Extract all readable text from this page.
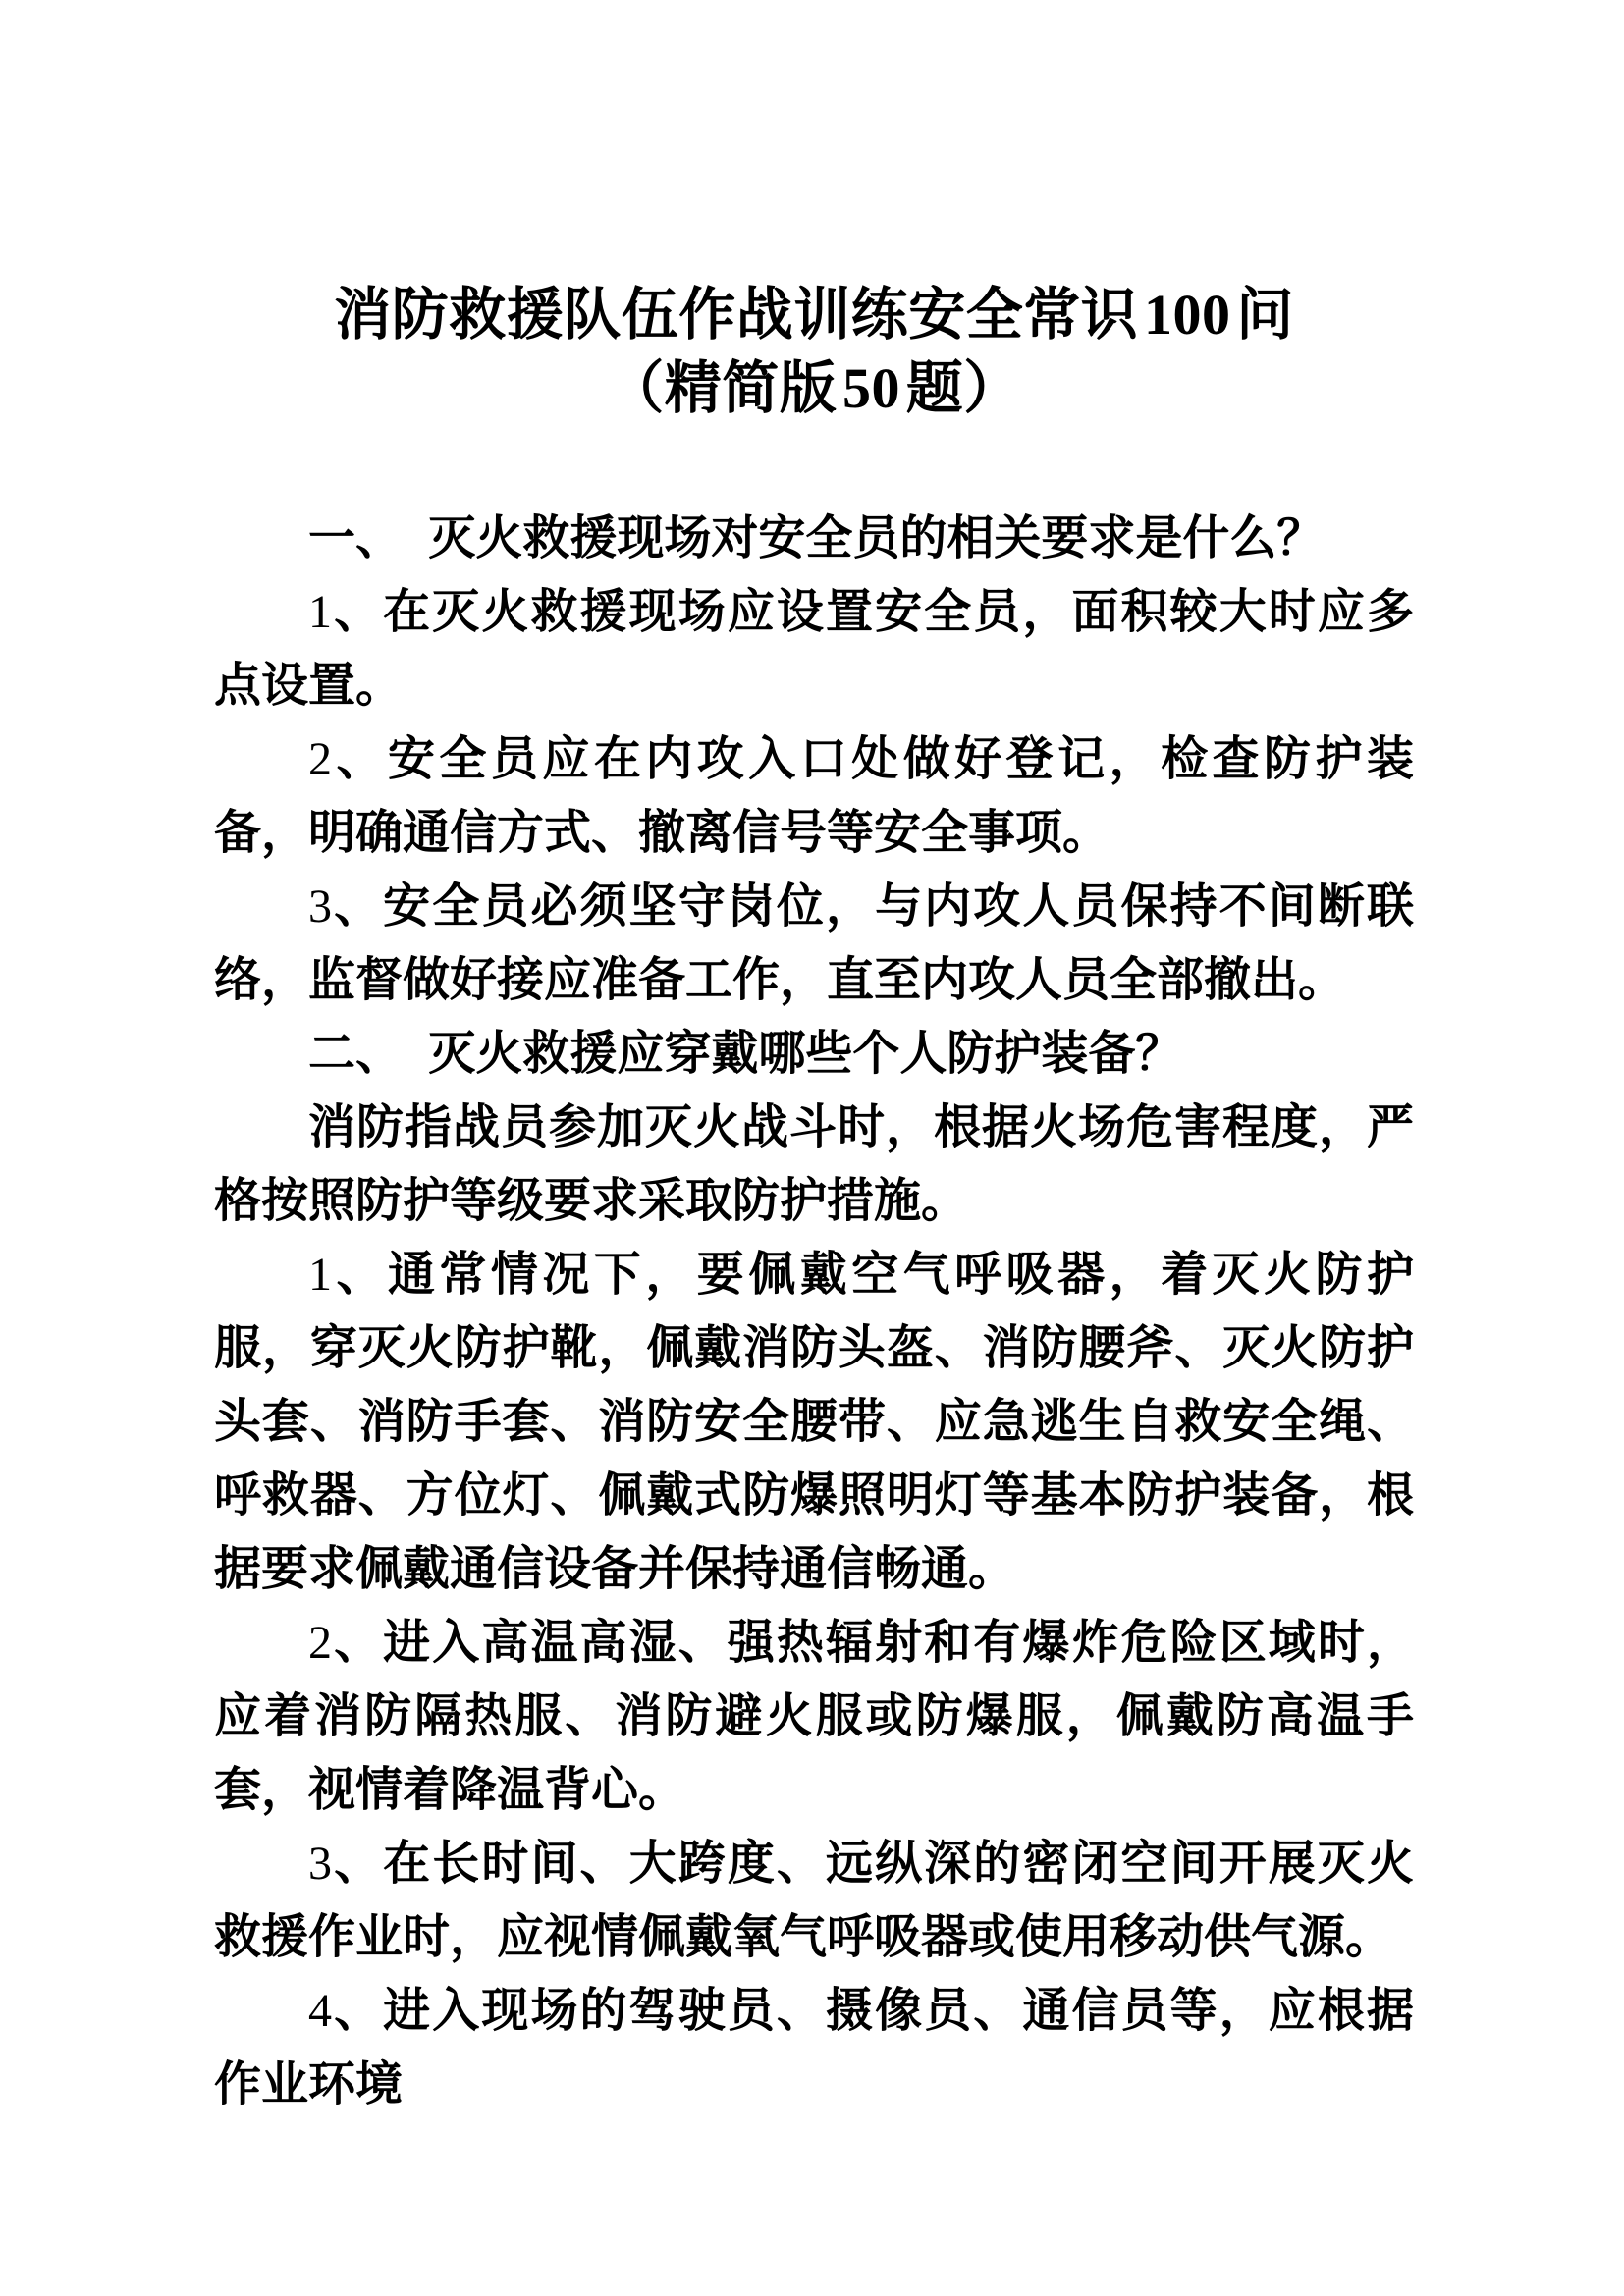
消防救援队伍作战训练安全常识100问
（精简版50题）

一、 灭火救援现场对安全员的相关要求是什么？

1、在灭火救援现场应设置安全员，面积较大时应多点设置。

2、安全员应在内攻入口处做好登记，检查防护装备，明确通信方式、撤离信号等安全事项。

3、安全员必须坚守岗位，与内攻人员保持不间断联络，监督做好接应准备工作，直至内攻人员全部撤出。

二、 灭火救援应穿戴哪些个人防护装备？

消防指战员参加灭火战斗时，根据火场危害程度，严格按照防护等级要求采取防护措施。

1、通常情况下，要佩戴空气呼吸器，着灭火防护服，穿灭火防护靴，佩戴消防头盔、消防腰斧、灭火防护头套、消防手套、消防安全腰带、应急逃生自救安全绳、呼救器、方位灯、佩戴式防爆照明灯等基本防护装备，根据要求佩戴通信设备并保持通信畅通。

2、进入高温高湿、强热辐射和有爆炸危险区域时，应着消防隔热服、消防避火服或防爆服，佩戴防高温手套，视情着降温背心。

3、在长时间、大跨度、远纵深的密闭空间开展灭火救援作业时，应视情佩戴氧气呼吸器或使用移动供气源。

4、进入现场的驾驶员、摄像员、通信员等，应根据作业环境
